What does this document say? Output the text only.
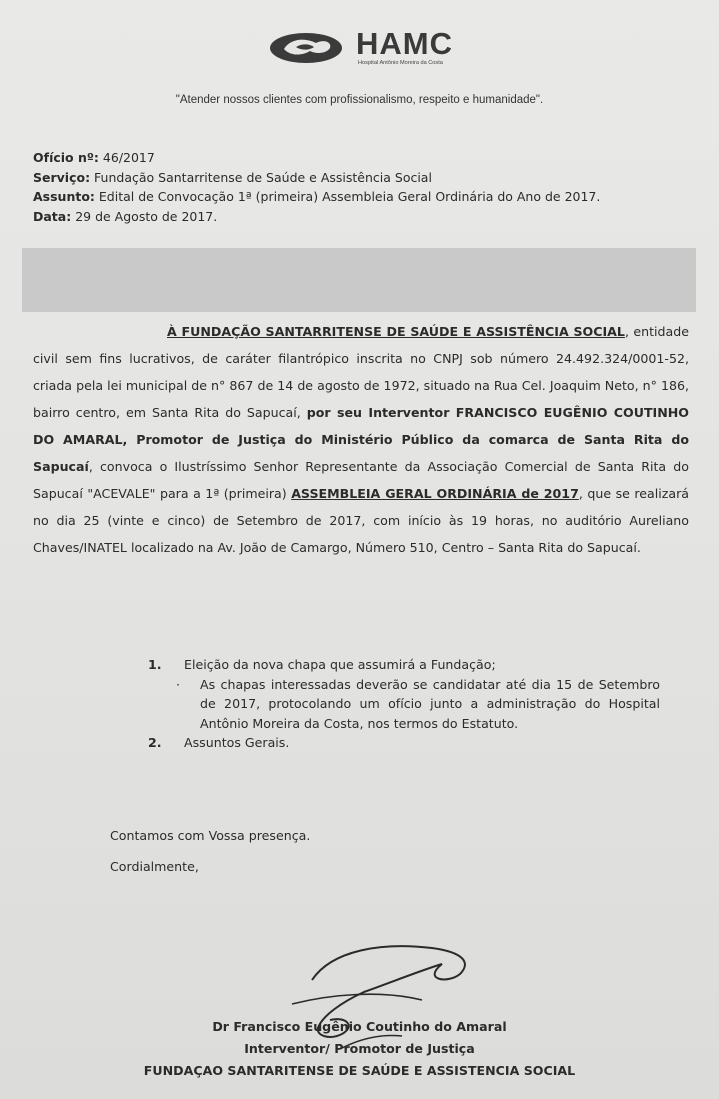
HAMC
Hospital Antônio Moreira da Costa
"Atender nossos clientes com profissionalismo, respeito e humanidade".
Ofício nº: 46/2017
Serviço: Fundação Santarritense de Saúde e Assistência Social
Assunto: Edital de Convocação 1ª (primeira) Assembleia Geral Ordinária do Ano de 2017.
Data: 29 de Agosto de 2017.
À FUNDAÇÃO SANTARRITENSE DE SAÚDE E ASSISTÊNCIA SOCIAL, entidade civil sem fins lucrativos, de caráter filantrópico inscrita no CNPJ sob número 24.492.324/0001-52, criada pela lei municipal de n° 867 de 14 de agosto de 1972, situado na Rua Cel. Joaquim Neto, n° 186, bairro centro, em Santa Rita do Sapucaí, por seu Interventor FRANCISCO EUGÊNIO COUTINHO DO AMARAL, Promotor de Justiça do Ministério Público da comarca de Santa Rita do Sapucaí, convoca o Ilustríssimo Senhor Representante da Associação Comercial de Santa Rita do Sapucaí "ACEVALE" para a 1ª (primeira) ASSEMBLEIA GERAL ORDINÁRIA de 2017, que se realizará no dia 25 (vinte e cinco) de Setembro de 2017, com início às 19 horas, no auditório Aureliano Chaves/INATEL localizado na Av. João de Camargo, Número 510, Centro – Santa Rita do Sapucaí.
1. Eleição da nova chapa que assumirá a Fundação;
· As chapas interessadas deverão se candidatar até dia 15 de Setembro de 2017, protocolando um ofício junto a administração do Hospital Antônio Moreira da Costa, nos termos do Estatuto.
2. Assuntos Gerais.
Contamos com Vossa presença.
Cordialmente,
Dr Francisco Eugênio Coutinho do Amaral
Interventor/ Promotor de Justiça
FUNDAÇAO SANTARITENSE DE SAÚDE E ASSISTENCIA SOCIAL
